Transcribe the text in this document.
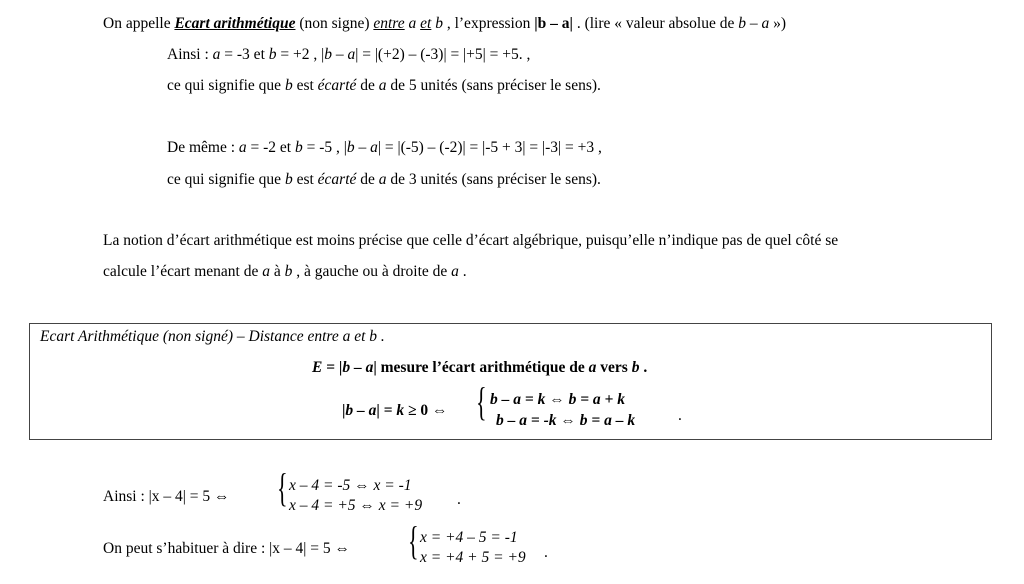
On appelle Ecart arithmétique (non signe) entre a et b , l’expression |b – a| . (lire « valeur absolue de b – a »)
Ainsi : a = -3 et b = +2 , |b – a| = |(+2) – (-3)| = |+5| = +5. ,
ce qui signifie que b est écarté de a de 5 unités (sans préciser le sens).
De même : a = -2 et b = -5 , |b – a| = |(-5) – (-2)| = |-5 + 3| = |-3| = +3 ,
ce qui signifie que b est écarté de a de 3 unités (sans préciser le sens).
La notion d’écart arithmétique est moins précise que celle d’écart algébrique, puisqu’elle n’indique pas de quel côté se
calcule l’écart menant de a à b , à gauche ou à droite de a .
Ecart Arithmétique (non signé) – Distance entre a et b .
E = |b – a| mesure l’écart arithmétique de a vers b .
|b – a| = k ≥ 0 ⇔ { b – a = k ⇔ b = a + k
b – a = -k ⇔ b = a – k	.
Ainsi : |x – 4| = 5 ⇔ { x – 4 = -5 ⇔ x = -1
x – 4 = +5 ⇔ x = +9 .
On peut s’habituer à dire : |x – 4| = 5 ⇔ { x = +4 – 5 = -1
x = +4 + 5 = +9 .
